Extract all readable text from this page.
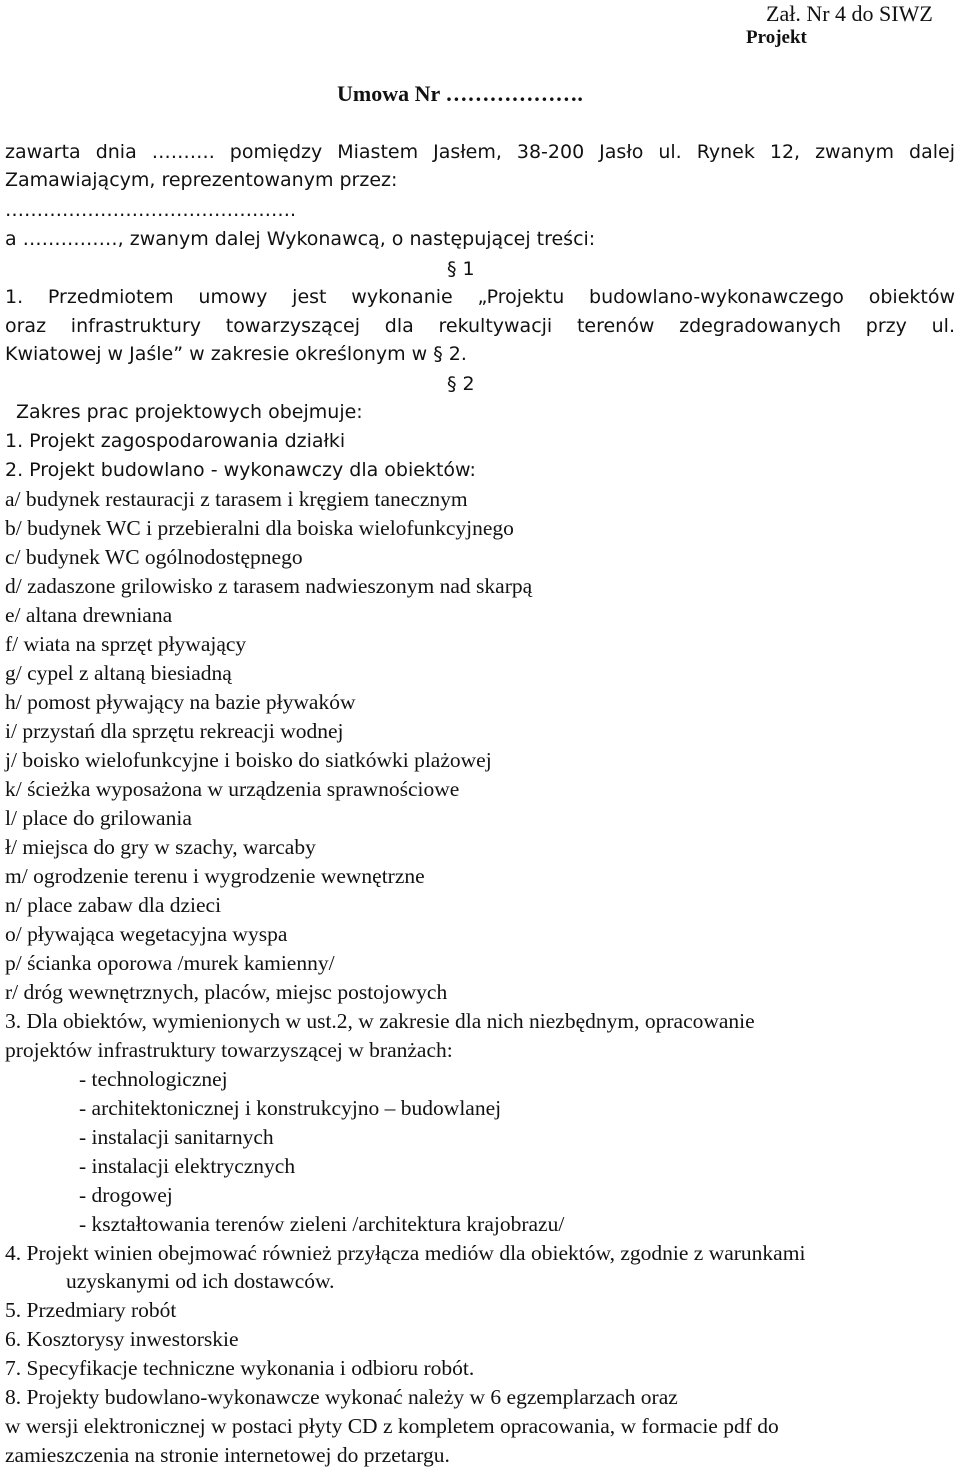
Zał. Nr 4 do SIWZ
Projekt
Umowa Nr ……………….
zawarta dnia ………. pomiędzy Miastem Jasłem, 38-200 Jasło ul. Rynek 12, zwanym dalej
Zamawiającym, reprezentowanym przez:
……………………………………….
a ……………, zwanym dalej Wykonawcą, o następującej treści:
§ 1
1. Przedmiotem umowy jest wykonanie „Projektu budowlano-wykonawczego obiektów
oraz infrastruktury towarzyszącej dla rekultywacji terenów zdegradowanych przy ul.
Kwiatowej w Jaśle” w zakresie określonym w § 2.
§ 2
Zakres prac projektowych obejmuje:
1. Projekt zagospodarowania działki
2. Projekt budowlano - wykonawczy dla obiektów:
a/ budynek restauracji z tarasem i kręgiem tanecznym
b/ budynek WC i przebieralni dla boiska wielofunkcyjnego
c/ budynek WC ogólnodostępnego
d/ zadaszone grilowisko z tarasem nadwieszonym nad skarpą
e/ altana drewniana
f/ wiata na sprzęt pływający
g/ cypel z altaną biesiadną
h/ pomost pływający na bazie pływaków
i/ przystań dla sprzętu rekreacji wodnej
j/ boisko wielofunkcyjne i boisko do siatkówki plażowej
k/ ścieżka wyposażona w urządzenia sprawnościowe
l/ place do grilowania
ł/ miejsca do gry w szachy, warcaby
m/ ogrodzenie terenu i wygrodzenie wewnętrzne
n/ place zabaw dla dzieci
o/ pływająca wegetacyjna wyspa
p/ ścianka oporowa /murek kamienny/
r/ dróg wewnętrznych, placów, miejsc postojowych
3. Dla obiektów, wymienionych w ust.2, w zakresie dla nich niezbędnym, opracowanie
projektów infrastruktury towarzyszącej w branżach:
- technologicznej
- architektonicznej i konstrukcyjno – budowlanej
- instalacji sanitarnych
- instalacji elektrycznych
- drogowej
- kształtowania terenów zieleni /architektura krajobrazu/
4. Projekt winien obejmować również przyłącza mediów dla obiektów, zgodnie z warunkami
uzyskanymi od ich dostawców.
5. Przedmiary robót
6. Kosztorysy inwestorskie
7. Specyfikacje techniczne wykonania i odbioru robót.
8. Projekty budowlano-wykonawcze wykonać należy w 6 egzemplarzach oraz
w wersji elektronicznej w postaci płyty CD z kompletem opracowania, w formacie pdf do
zamieszczenia na stronie internetowej do przetargu.
